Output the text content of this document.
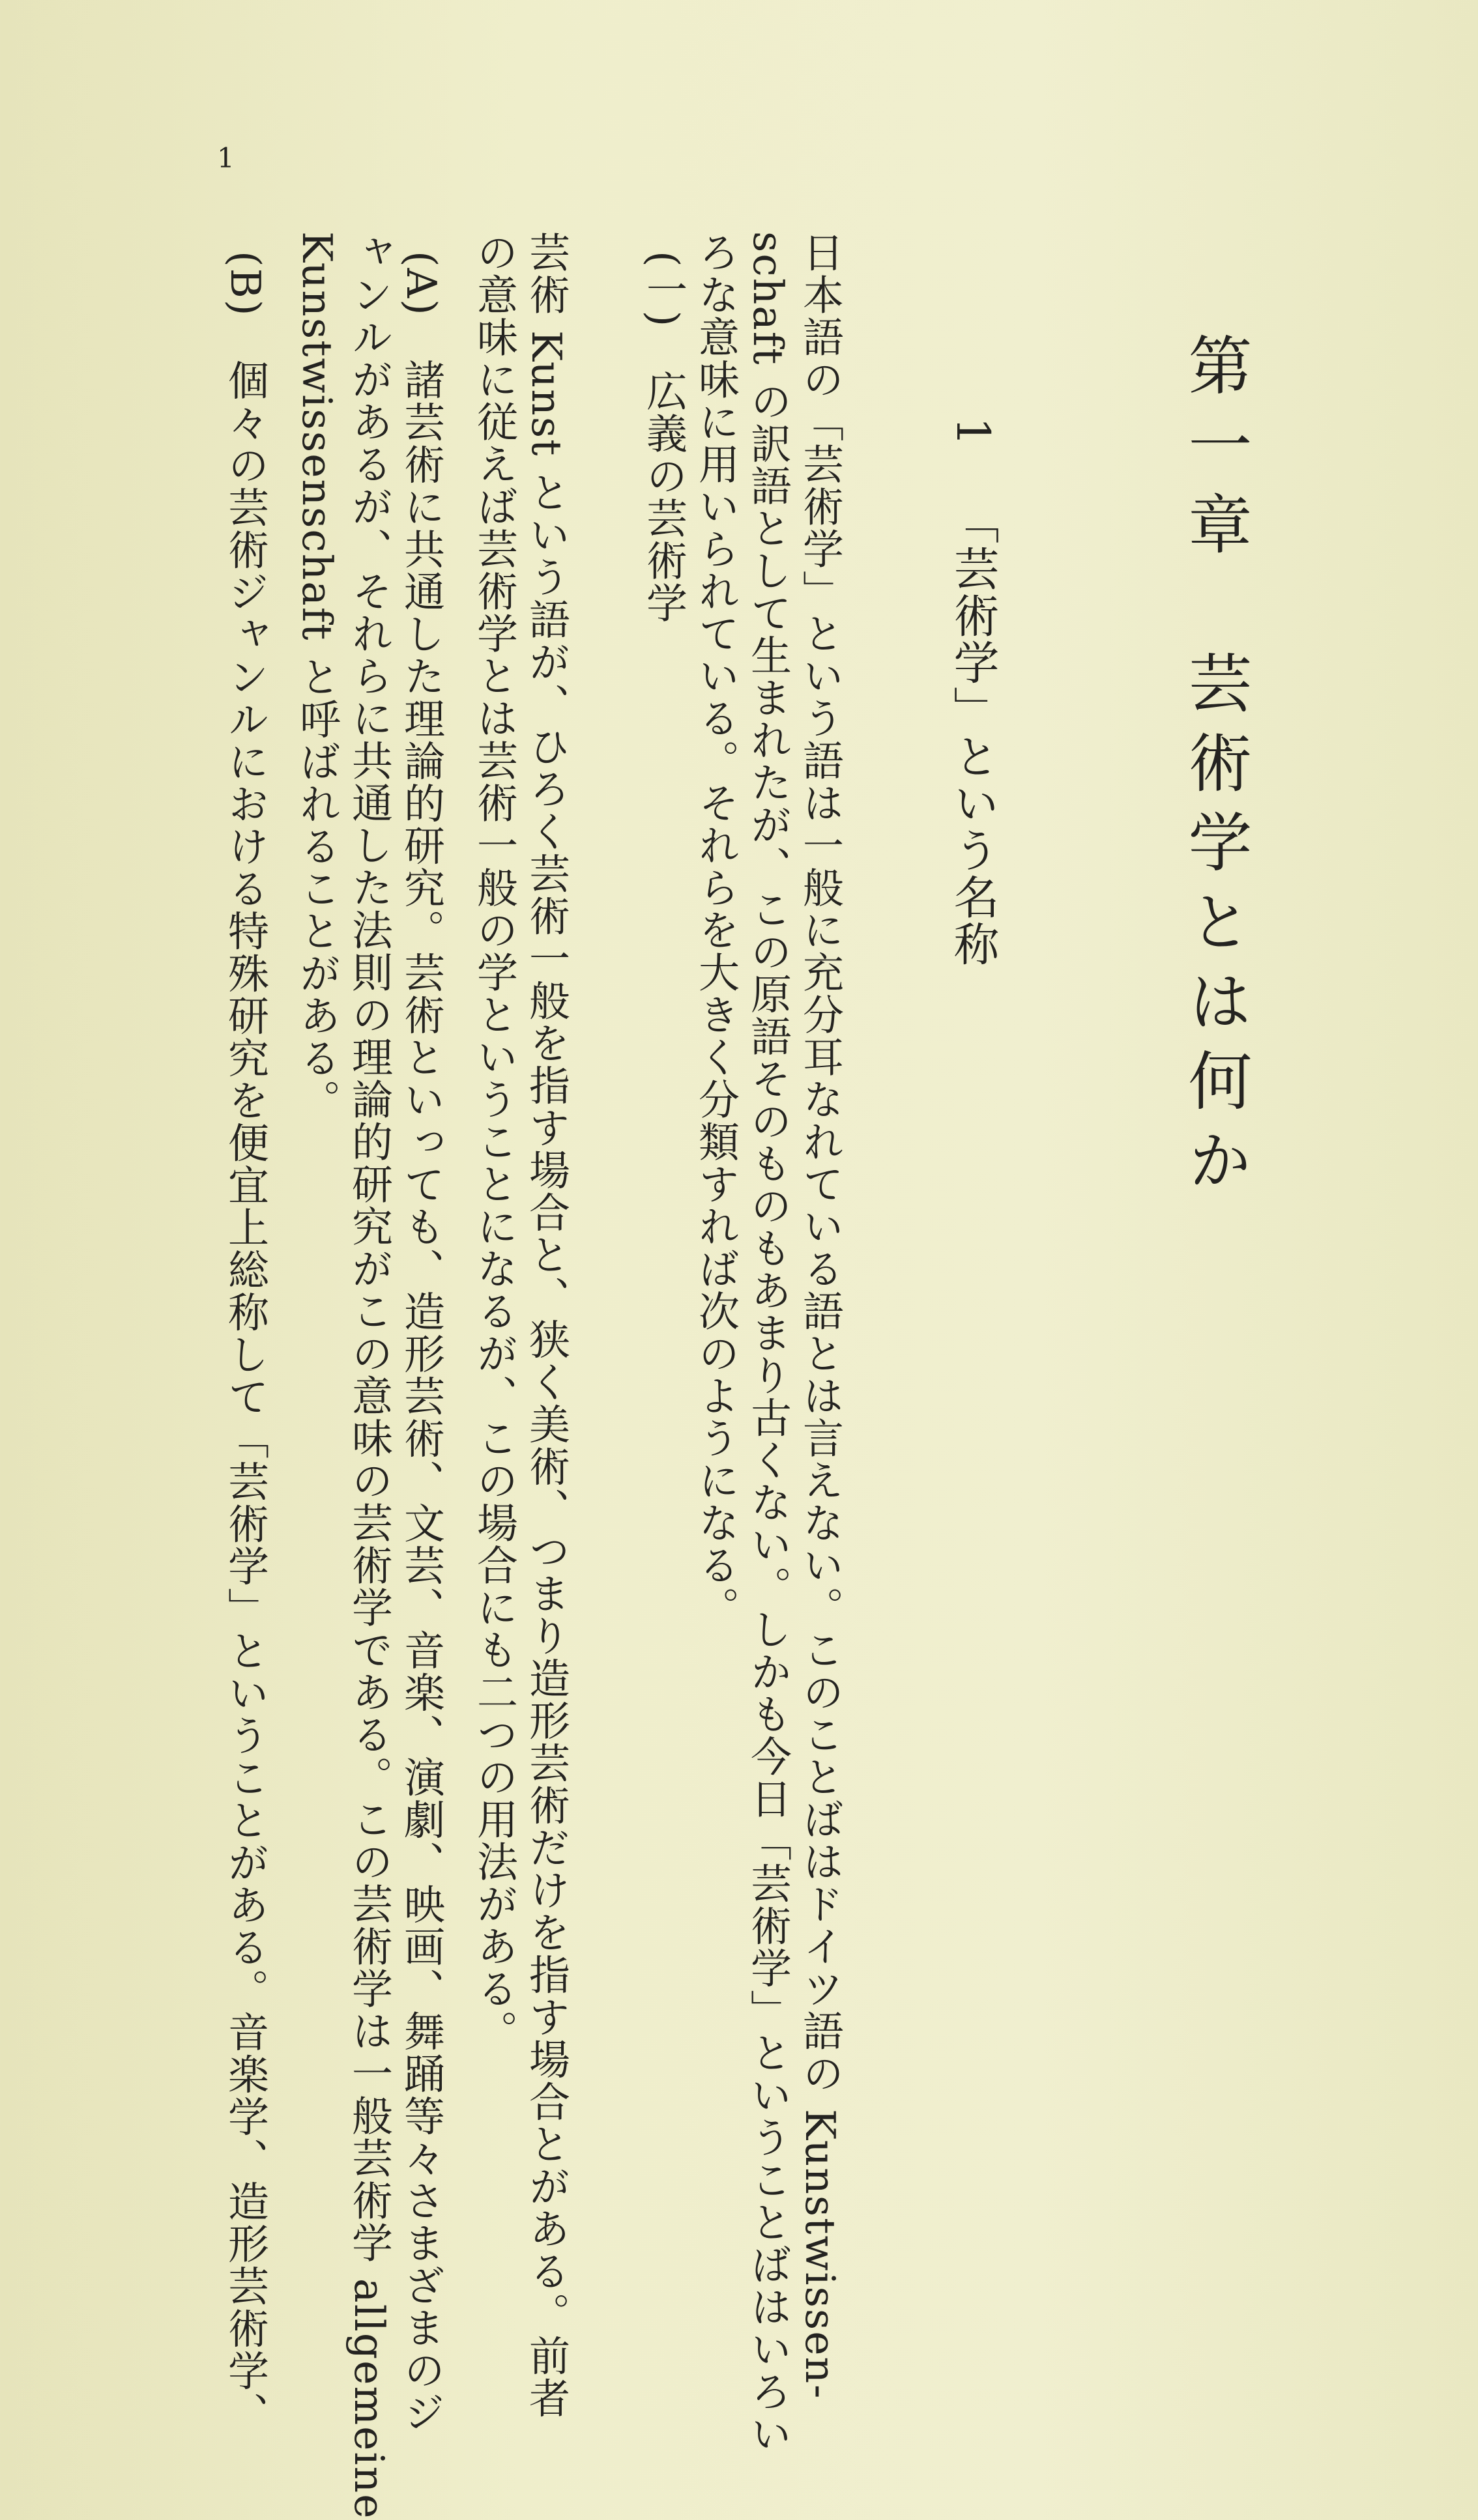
1
第一章　芸術学とは何か
1  「芸術学」という名称
日本語の「芸術学」という語は一般に充分耳なれている語とは言えない。このことばはドイツ語の Kunstwissen-
schaft の訳語として生まれたが、この原語そのものもあまり古くない。しかも今日「芸術学」ということばはいろい
ろな意味に用いられている。それらを大きく分類すれば次のようになる。
(一)　広義の芸術学
芸術 Kunst という語が、ひろく芸術一般を指す場合と、狭く美術、つまり造形芸術だけを指す場合とがある。前者
の意味に従えば芸術学とは芸術一般の学ということになるが、この場合にも二つの用法がある。
(A)　諸芸術に共通した理論的研究。芸術といっても、造形芸術、文芸、音楽、演劇、映画、舞踊等々さまざまのジ
ャンルがあるが、それらに共通した法則の理論的研究がこの意味の芸術学である。この芸術学は一般芸術学 allgemeine
Kunstwissenschaft と呼ばれることがある。
(B)　個々の芸術ジャンルにおける特殊研究を便宜上総称して「芸術学」ということがある。音楽学、造形芸術学、
